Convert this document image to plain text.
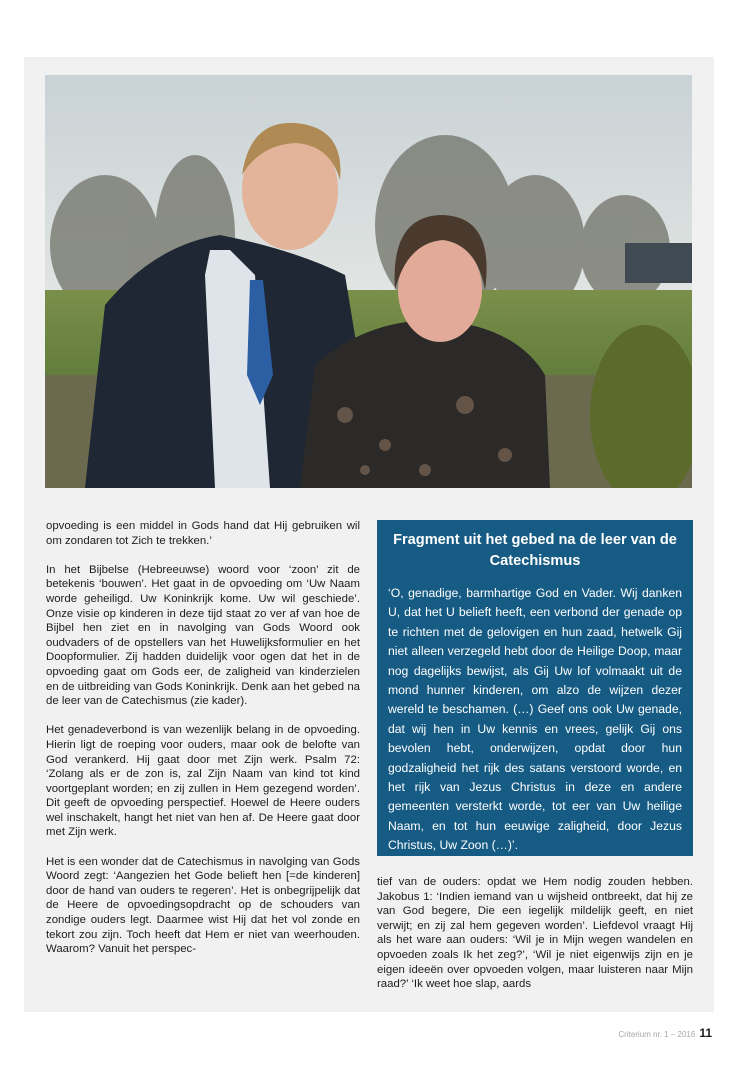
opvoeding is een middel in Gods hand dat Hij gebruiken wil om zondaren tot Zich te trekken.’

In het Bijbelse (Hebreeuwse) woord voor ‘zoon’ zit de betekenis ‘bouwen’. Het gaat in de opvoeding om ‘Uw Naam worde geheiligd. Uw Koninkrijk kome. Uw wil geschiede’. Onze visie op kinderen in deze tijd staat zo ver af van hoe de Bijbel hen ziet en in navolging van Gods Woord ook oudvaders of de opstellers van het Huwelijksformulier en het Doopformulier. Zij hadden duidelijk voor ogen dat het in de opvoeding gaat om Gods eer, de zaligheid van kinderzielen en de uitbreiding van Gods Koninkrijk. Denk aan het gebed na de leer van de Catechismus (zie kader).

Het genadeverbond is van wezenlijk belang in de opvoeding. Hierin ligt de roeping voor ouders, maar ook de belofte van God verankerd. Hij gaat door met Zijn werk. Psalm 72: ‘Zolang als er de zon is, zal Zijn Naam van kind tot kind voortgeplant worden; en zij zullen in Hem gezegend worden’. Dit geeft de opvoeding perspectief. Hoewel de Heere ouders wel inschakelt, hangt het niet van hen af. De Heere gaat door met Zijn werk.

Het is een wonder dat de Catechismus in navolging van Gods Woord zegt: ‘Aangezien het Gode belieft hen [=de kinderen] door de hand van ouders te regeren’. Het is onbegrijpelijk dat de Heere de opvoedingsopdracht op de schouders van zondige ouders legt. Daarmee wist Hij dat het vol zonde en tekort zou zijn. Toch heeft dat Hem er niet van weerhouden. Waarom? Vanuit het perspec-

Fragment uit het gebed na de leer van de Catechismus

‘O, genadige, barmhartige God en Vader. Wij danken U, dat het U belieft heeft, een verbond der genade op te richten met de gelovigen en hun zaad, hetwelk Gij niet alleen verzegeld hebt door de Heilige Doop, maar nog dagelijks bewijst, als Gij Uw lof volmaakt uit de mond hunner kinderen, om alzo de wijzen dezer wereld te beschamen. (…) Geef ons ook Uw genade, dat wij hen in Uw kennis en vrees, gelijk Gij ons bevolen hebt, onderwijzen, opdat door hun godzaligheid het rijk des satans verstoord worde, en het rijk van Jezus Christus in deze en andere gemeenten versterkt worde, tot eer van Uw heilige Naam, en tot hun eeuwige zaligheid, door Jezus Christus, Uw Zoon (…)’.

tief van de ouders: opdat we Hem nodig zouden hebben. Jakobus 1: ‘Indien iemand van u wijsheid ontbreekt, dat hij ze van God begere, Die een iegelijk mildelijk geeft, en niet verwijt; en zij zal hem gegeven worden’. Liefdevol vraagt Hij als het ware aan ouders: ‘Wil je in Mijn wegen wandelen en opvoeden zoals Ik het zeg?’, ‘Wil je niet eigenwijs zijn en je eigen ideeën over opvoeden volgen, maar luisteren naar Mijn raad?’ ‘Ik weet hoe slap, aards

Criterium nr. 1 – 2016 11
